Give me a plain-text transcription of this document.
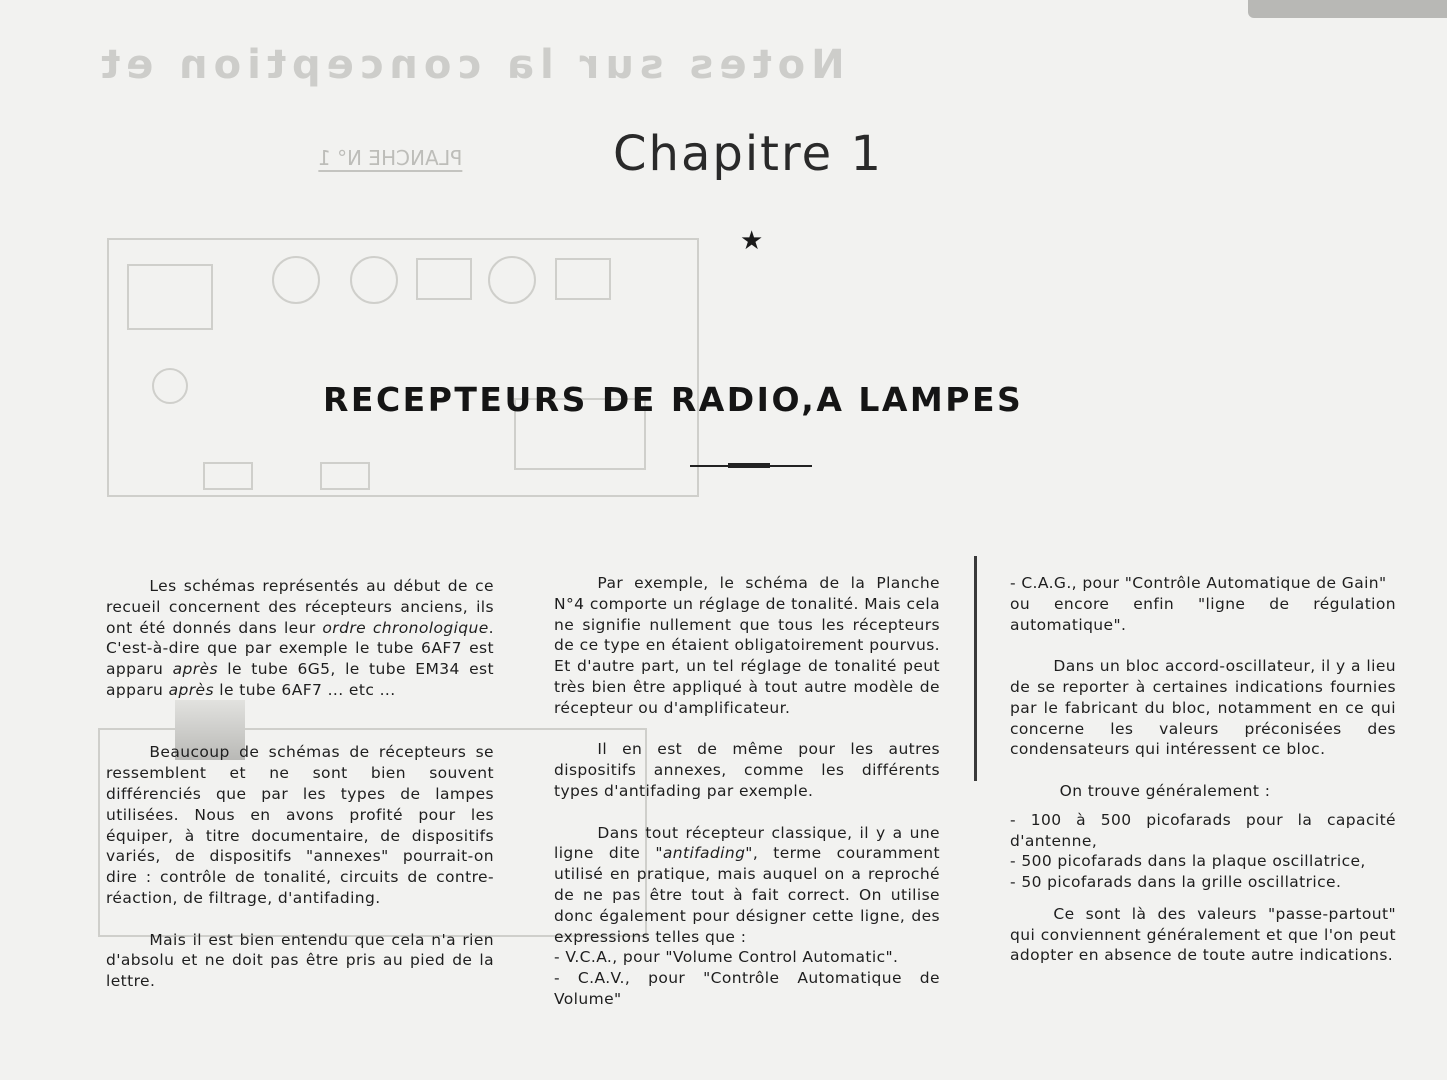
Notes sur la conception et
PLANCHE N° 1	Chapitre 1
★
RECEPTEURS DE RADIO,A LAMPES

Les schémas représentés au début de ce recueil concernent des récepteurs anciens, ils ont été donnés dans leur ordre chronologique. C'est-à-dire que par exemple le tube 6AF7 est apparu après le tube 6G5, le tube EM34 est apparu après le tube 6AF7 ... etc ...

Beaucoup de schémas de récepteurs se ressemblent et ne sont bien souvent différenciés que par les types de lampes utilisées. Nous en avons profité pour les équiper, à titre documentaire, de dispositifs variés, de dispositifs "annexes" pourrait-on dire : contrôle de tonalité, circuits de contre-réaction, de filtrage, d'antifading.

Mais il est bien entendu que cela n'a rien d'absolu et ne doit pas être pris au pied de la lettre.

Par exemple, le schéma de la Planche N°4 comporte un réglage de tonalité. Mais cela ne signifie nullement que tous les récepteurs de ce type en étaient obligatoirement pourvus. Et d'autre part, un tel réglage de tonalité peut très bien être appliqué à tout autre modèle de récepteur ou d'amplificateur.

Il en est de même pour les autres dispositifs annexes, comme les différents types d'antifading par exemple.

Dans tout récepteur classique, il y a une ligne dite "antifading", terme couramment utilisé en pratique, mais auquel on a reproché de ne pas être tout à fait correct. On utilise donc également pour désigner cette ligne, des expressions telles que :

- V.C.A., pour "Volume Control Automatic".

- C.A.V., pour "Contrôle Automatique de Volume"

- C.A.G., pour "Contrôle Automatique de Gain"

ou encore enfin "ligne de régulation automatique".

Dans un bloc accord-oscillateur, il y a lieu de se reporter à certaines indications fournies par le fabricant du bloc, notamment en ce qui concerne les valeurs préconisées des condensateurs qui intéressent ce bloc.

On trouve généralement :

- 100 à 500 picofarads pour la capacité d'antenne,

- 500 picofarads dans la plaque oscillatrice,

- 50 picofarads dans la grille oscillatrice.

Ce sont là des valeurs "passe-partout" qui conviennent généralement et que l'on peut adopter en absence de toute autre indications.
